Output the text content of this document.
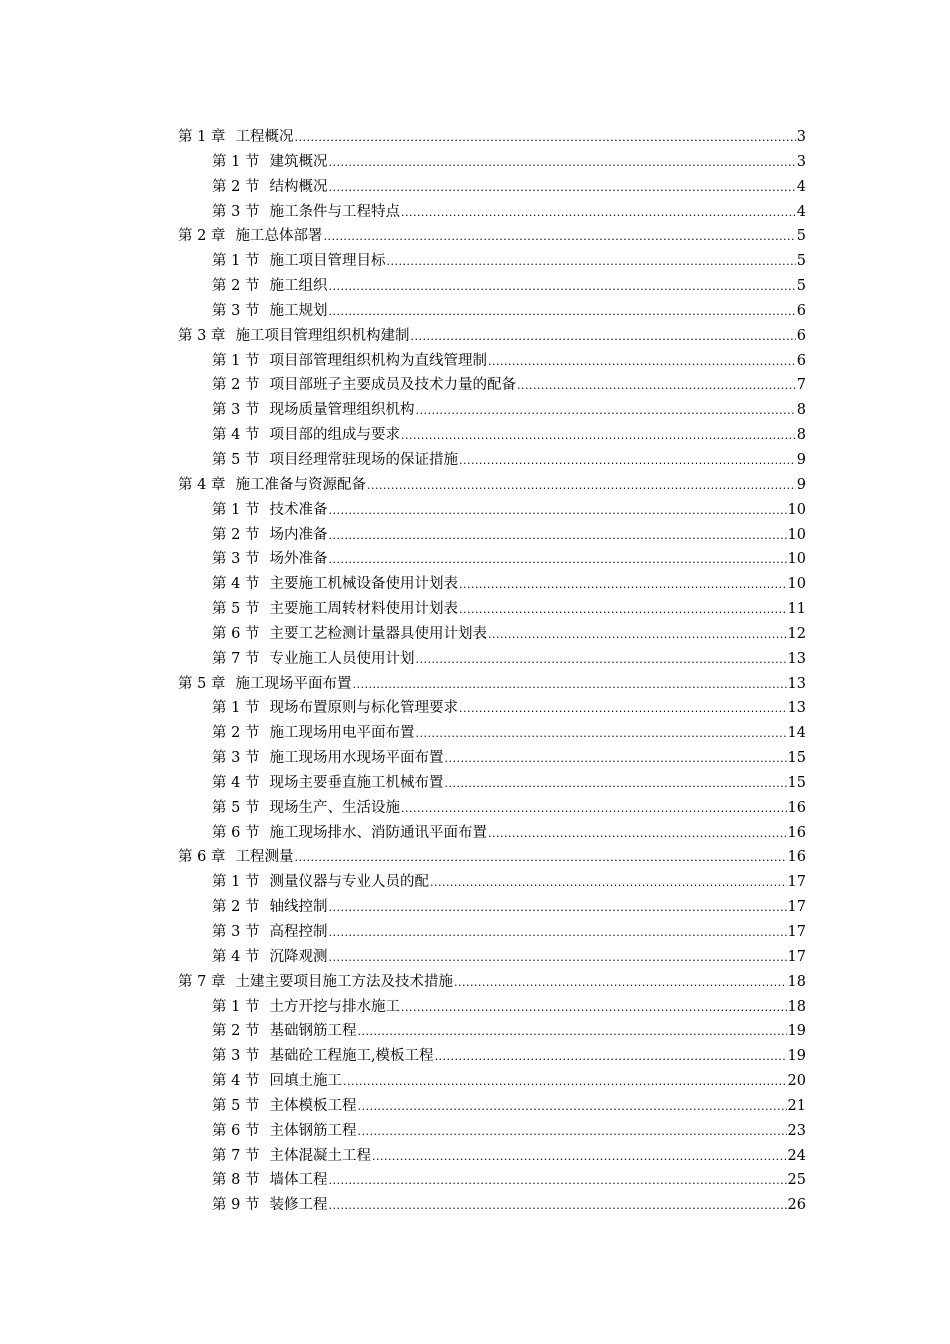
第 1 章 工程概况 .....	3
第 1 节 建筑概况 .....	3
第 2 节 结构概况 .....	4
第 3 节 施工条件与工程特点 .....	4
第 2 章 施工总体部署 .....	5
第 1 节 施工项目管理目标 .....	5
第 2 节 施工组织 .....	5
第 3 节 施工规划 .....	6
第 3 章 施工项目管理组织机构建制 .....	6
第 1 节 项目部管理组织机构为直线管理制 .....	6
第 2 节 项目部班子主要成员及技术力量的配备 .....	7
第 3 节 现场质量管理组织机构 .....	8
第 4 节 项目部的组成与要求 .....	8
第 5 节 项目经理常驻现场的保证措施 .....	9
第 4 章 施工准备与资源配备 .....	9
第 1 节 技术准备 .....	10
第 2 节 场内准备 .....	10
第 3 节 场外准备 .....	10
第 4 节 主要施工机械设备使用计划表 .....	10
第 5 节 主要施工周转材料使用计划表 .....	11
第 6 节 主要工艺检测计量器具使用计划表 .....	12
第 7 节 专业施工人员使用计划 .....	13
第 5 章 施工现场平面布置 .....	13
第 1 节 现场布置原则与标化管理要求 .....	13
第 2 节 施工现场用电平面布置 .....	14
第 3 节 施工现场用水现场平面布置 .....	15
第 4 节 现场主要垂直施工机械布置 .....	15
第 5 节 现场生产、生活设施 .....	16
第 6 节 施工现场排水、消防通讯平面布置 .....	16
第 6 章 工程测量 .....	16
第 1 节 测量仪器与专业人员的配 .....	17
第 2 节 轴线控制 .....	17
第 3 节 高程控制 .....	17
第 4 节 沉降观测 .....	17
第 7 章 土建主要项目施工方法及技术措施 .....	18
第 1 节 土方开挖与排水施工 .....	18
第 2 节 基础钢筋工程 .....	19
第 3 节 基础砼工程施工,模板工程 .....	19
第 4 节 回填土施工 .....	20
第 5 节 主体模板工程 .....	21
第 6 节 主体钢筋工程 .....	23
第 7 节 主体混凝土工程 .....	24
第 8 节 墙体工程 .....	25
第 9 节 装修工程 .....	26
